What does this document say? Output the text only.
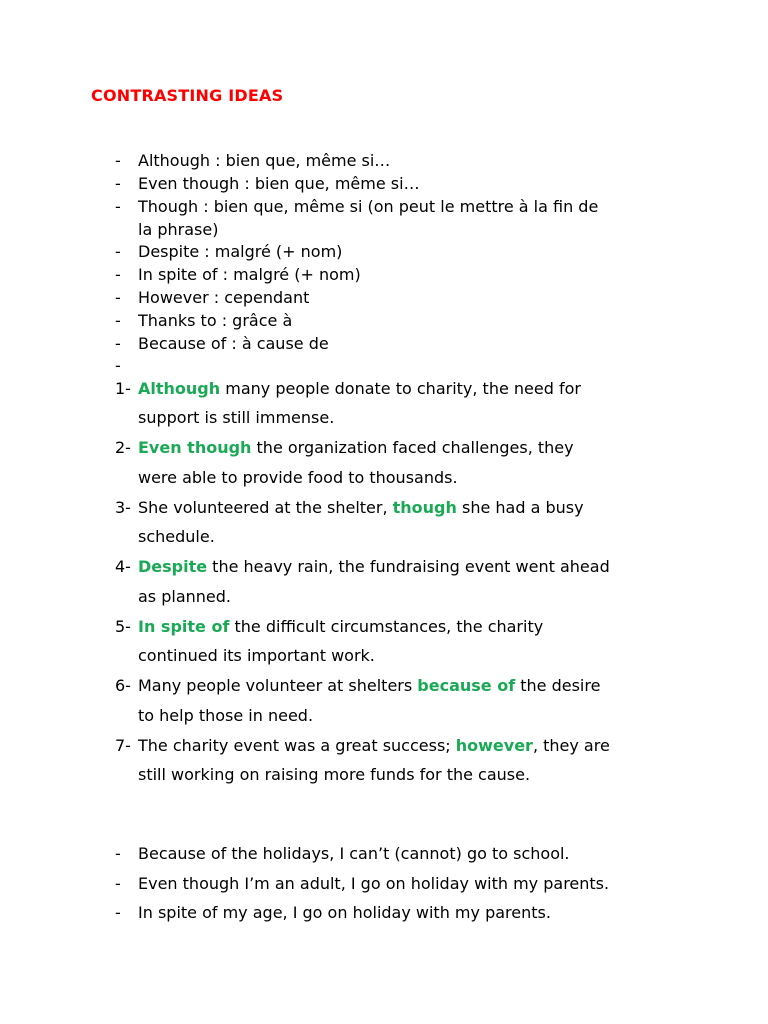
CONTRASTING IDEAS
- Although : bien que, même si…
- Even though : bien que, même si…
- Though : bien que, même si (on peut le mettre à la fin de
la phrase)
- Despite : malgré (+ nom)
- In spite of : malgré (+ nom)
- However : cependant
- Thanks to : grâce à
- Because of : à cause de
-
1- Although many people donate to charity, the need for
support is still immense.
2- Even though the organization faced challenges, they
were able to provide food to thousands.
3- She volunteered at the shelter, though she had a busy
schedule.
4- Despite the heavy rain, the fundraising event went ahead
as planned.
5- In spite of the difficult circumstances, the charity
continued its important work.
6- Many people volunteer at shelters because of the desire
to help those in need.
7- The charity event was a great success; however, they are
still working on raising more funds for the cause.
- Because of the holidays, I can’t (cannot) go to school.
- Even though I’m an adult, I go on holiday with my parents.
- In spite of my age, I go on holiday with my parents.
